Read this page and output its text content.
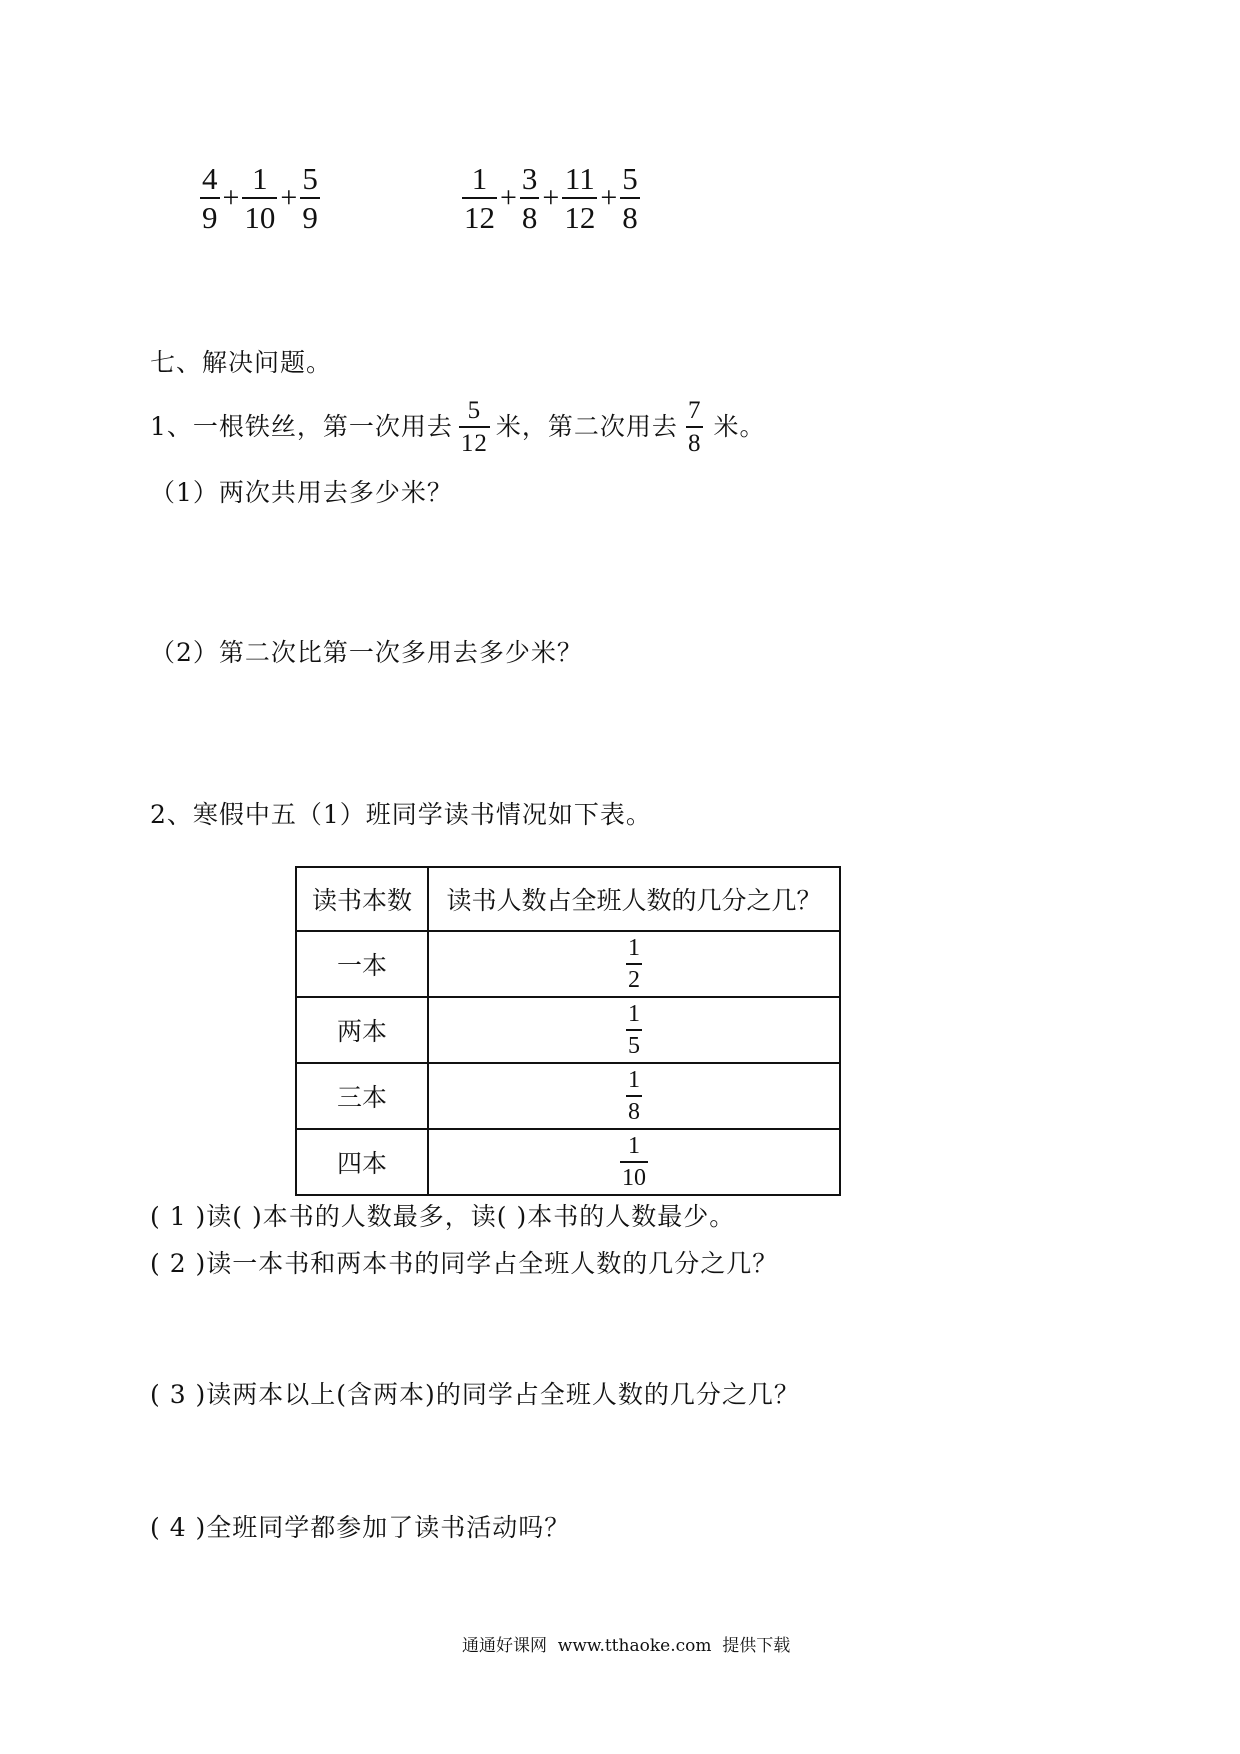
$\frac{4}{9} + \frac{1}{10} + \frac{5}{9}$	$\frac{1}{12} + \frac{3}{8} + \frac{11}{12} + \frac{5}{8}$
七、解决问题。
1、一根铁丝，第一次用去 $\frac{5}{12}$ 米，第二次用去 $\frac{7}{8}$ 米。
（1）两次共用去多少米？
（2）第二次比第一次多用去多少米？
2、寒假中五（1）班同学读书情况如下表。
读书本数	读书人数占全班人数的几分之几？
一本	$\frac{1}{2}$

两本	$\frac{1}{5}$

三本	$\frac{1}{8}$

四本	$\frac{1}{10}$
( 1 )读( )本书的人数最多，读( )本书的人数最少。
( 2 )读一本书和两本书的同学占全班人数的几分之几？
( 3 )读两本以上(含两本)的同学占全班人数的几分之几？
( 4 )全班同学都参加了读书活动吗？
通通好课网  www.tthaoke.com  提供下载
